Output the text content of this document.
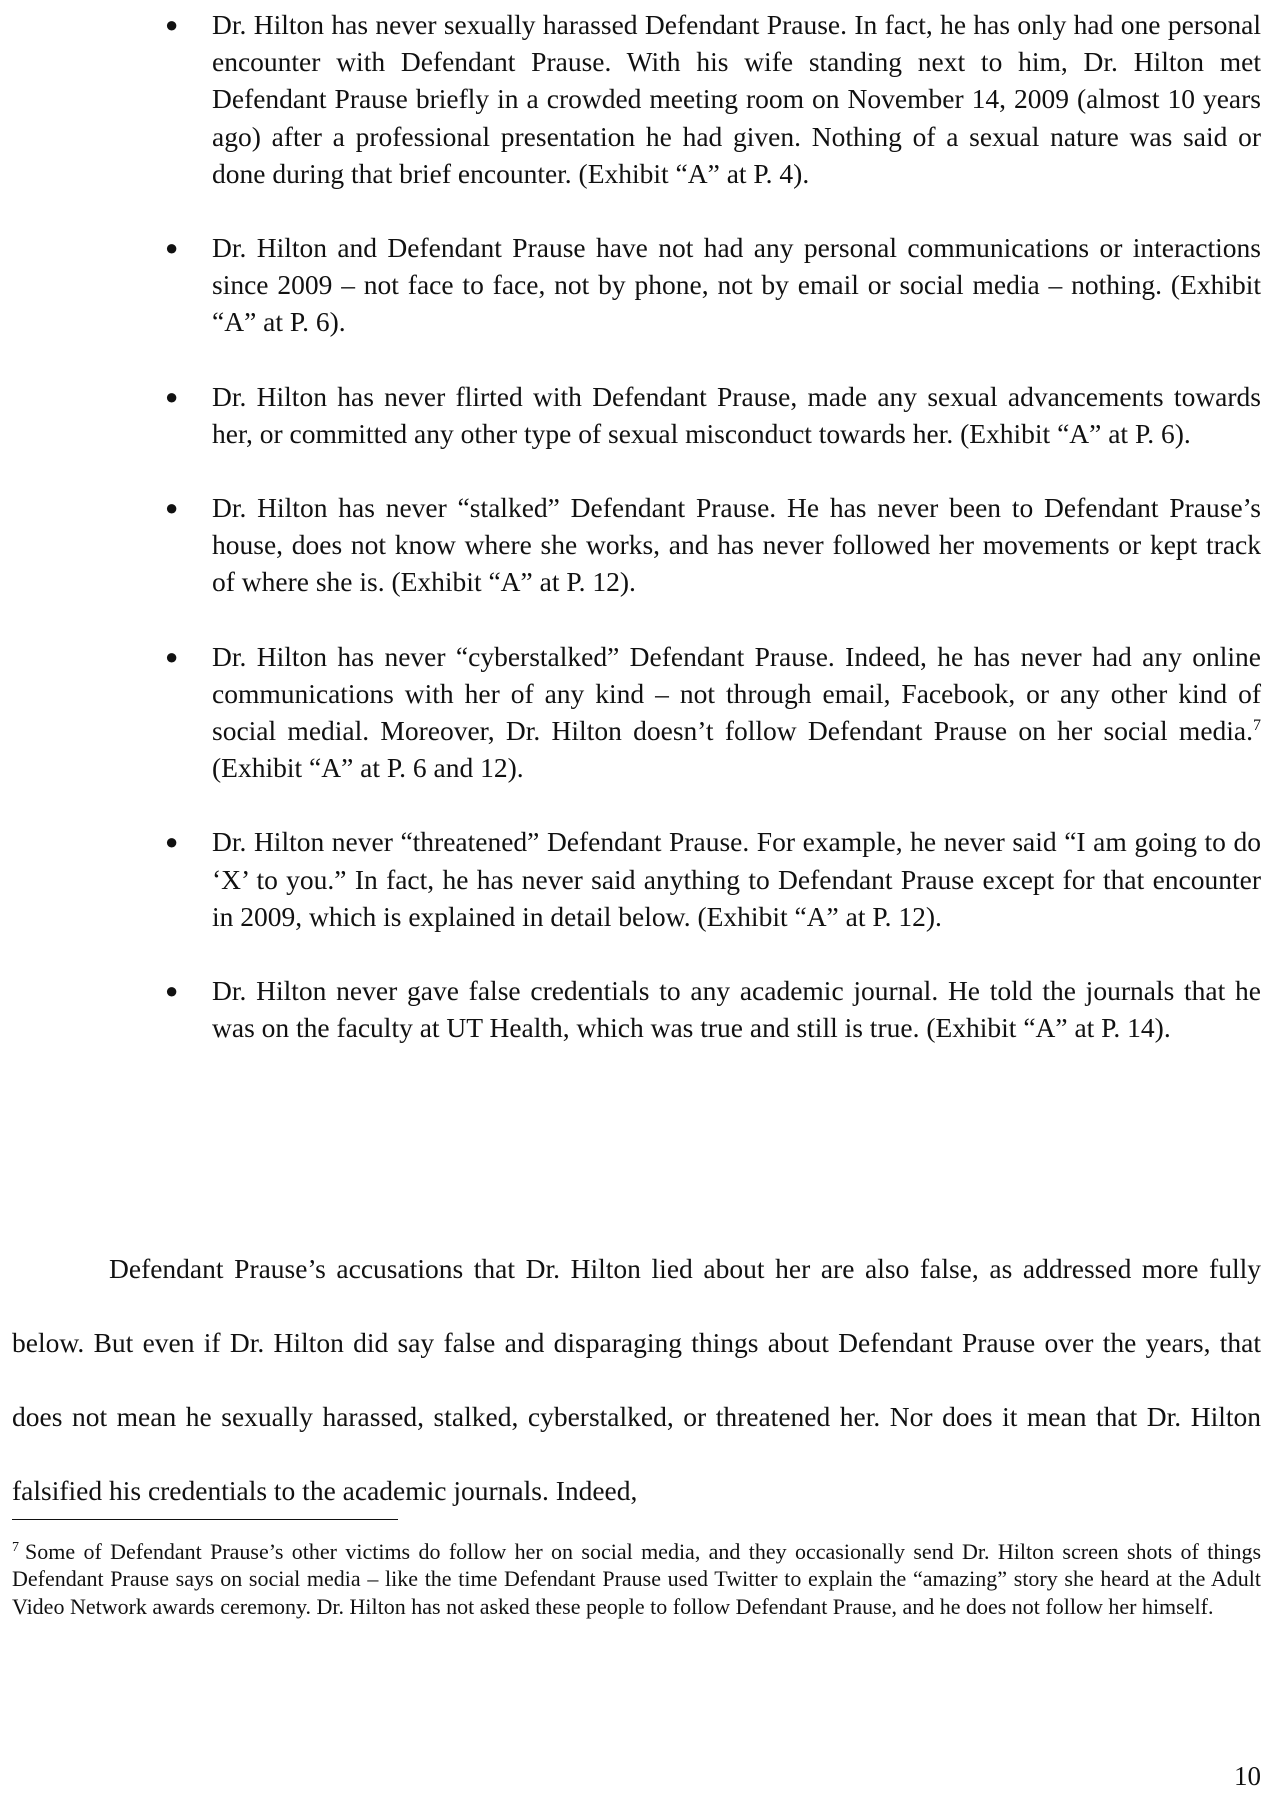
● Dr. Hilton has never sexually harassed Defendant Prause. In fact, he has only had one personal encounter with Defendant Prause. With his wife standing next to him, Dr. Hilton met Defendant Prause briefly in a crowded meeting room on November 14, 2009 (almost 10 years ago) after a professional presentation he had given. Nothing of a sexual nature was said or done during that brief encounter. (Exhibit “A” at P. 4).

● Dr. Hilton and Defendant Prause have not had any personal communications or interactions since 2009 – not face to face, not by phone, not by email or social media – nothing. (Exhibit “A” at P. 6).

● Dr. Hilton has never flirted with Defendant Prause, made any sexual advancements towards her, or committed any other type of sexual misconduct towards her. (Exhibit “A” at P. 6).

● Dr. Hilton has never “stalked” Defendant Prause. He has never been to Defendant Prause’s house, does not know where she works, and has never followed her movements or kept track of where she is. (Exhibit “A” at P. 12).

● Dr. Hilton has never “cyberstalked” Defendant Prause. Indeed, he has never had any online communications with her of any kind – not through email, Facebook, or any other kind of social medial. Moreover, Dr. Hilton doesn’t follow Defendant Prause on her social media.$^7$ (Exhibit “A” at P. 6 and 12).

● Dr. Hilton never “threatened” Defendant Prause. For example, he never said “I am going to do ‘X’ to you.” In fact, he has never said anything to Defendant Prause except for that encounter in 2009, which is explained in detail below. (Exhibit “A” at P. 12).

● Dr. Hilton never gave false credentials to any academic journal. He told the journals that he was on the faculty at UT Health, which was true and still is true. (Exhibit “A” at P. 14).

Defendant Prause’s accusations that Dr. Hilton lied about her are also false, as addressed more fully below. But even if Dr. Hilton did say false and disparaging things about Defendant Prause over the years, that does not mean he sexually harassed, stalked, cyberstalked, or threatened her. Nor does it mean that Dr. Hilton falsified his credentials to the academic journals. Indeed,

$^7$ Some of Defendant Prause’s other victims do follow her on social media, and they occasionally send Dr. Hilton screen shots of things Defendant Prause says on social media – like the time Defendant Prause used Twitter to explain the “amazing” story she heard at the Adult Video Network awards ceremony. Dr. Hilton has not asked these people to follow Defendant Prause, and he does not follow her himself.

10
